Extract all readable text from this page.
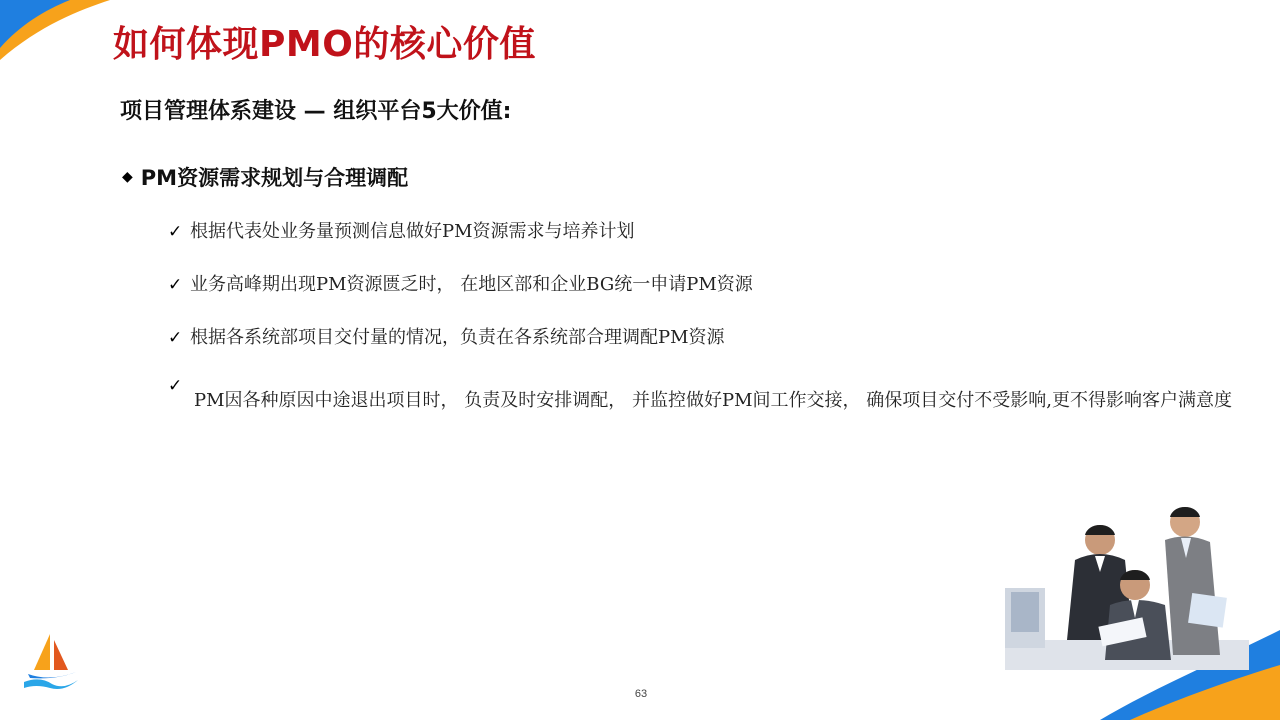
如何体现PMO的核心价值
项目管理体系建设 — 组织平台5大价值:
◆ PM资源需求规划与合理调配
✓ 根据代表处业务量预测信息做好PM资源需求与培养计划
✓ 业务高峰期出现PM资源匮乏时， 在地区部和企业BG统一申请PM资源
✓ 根据各系统部项目交付量的情况，负责在各系统部合理调配PM资源
✓
PM因各种原因中途退出项目时， 负责及时安排调配， 并监控做好PM间工作交接， 确保项目交付不受影响,更不得影响客户满意度
63
